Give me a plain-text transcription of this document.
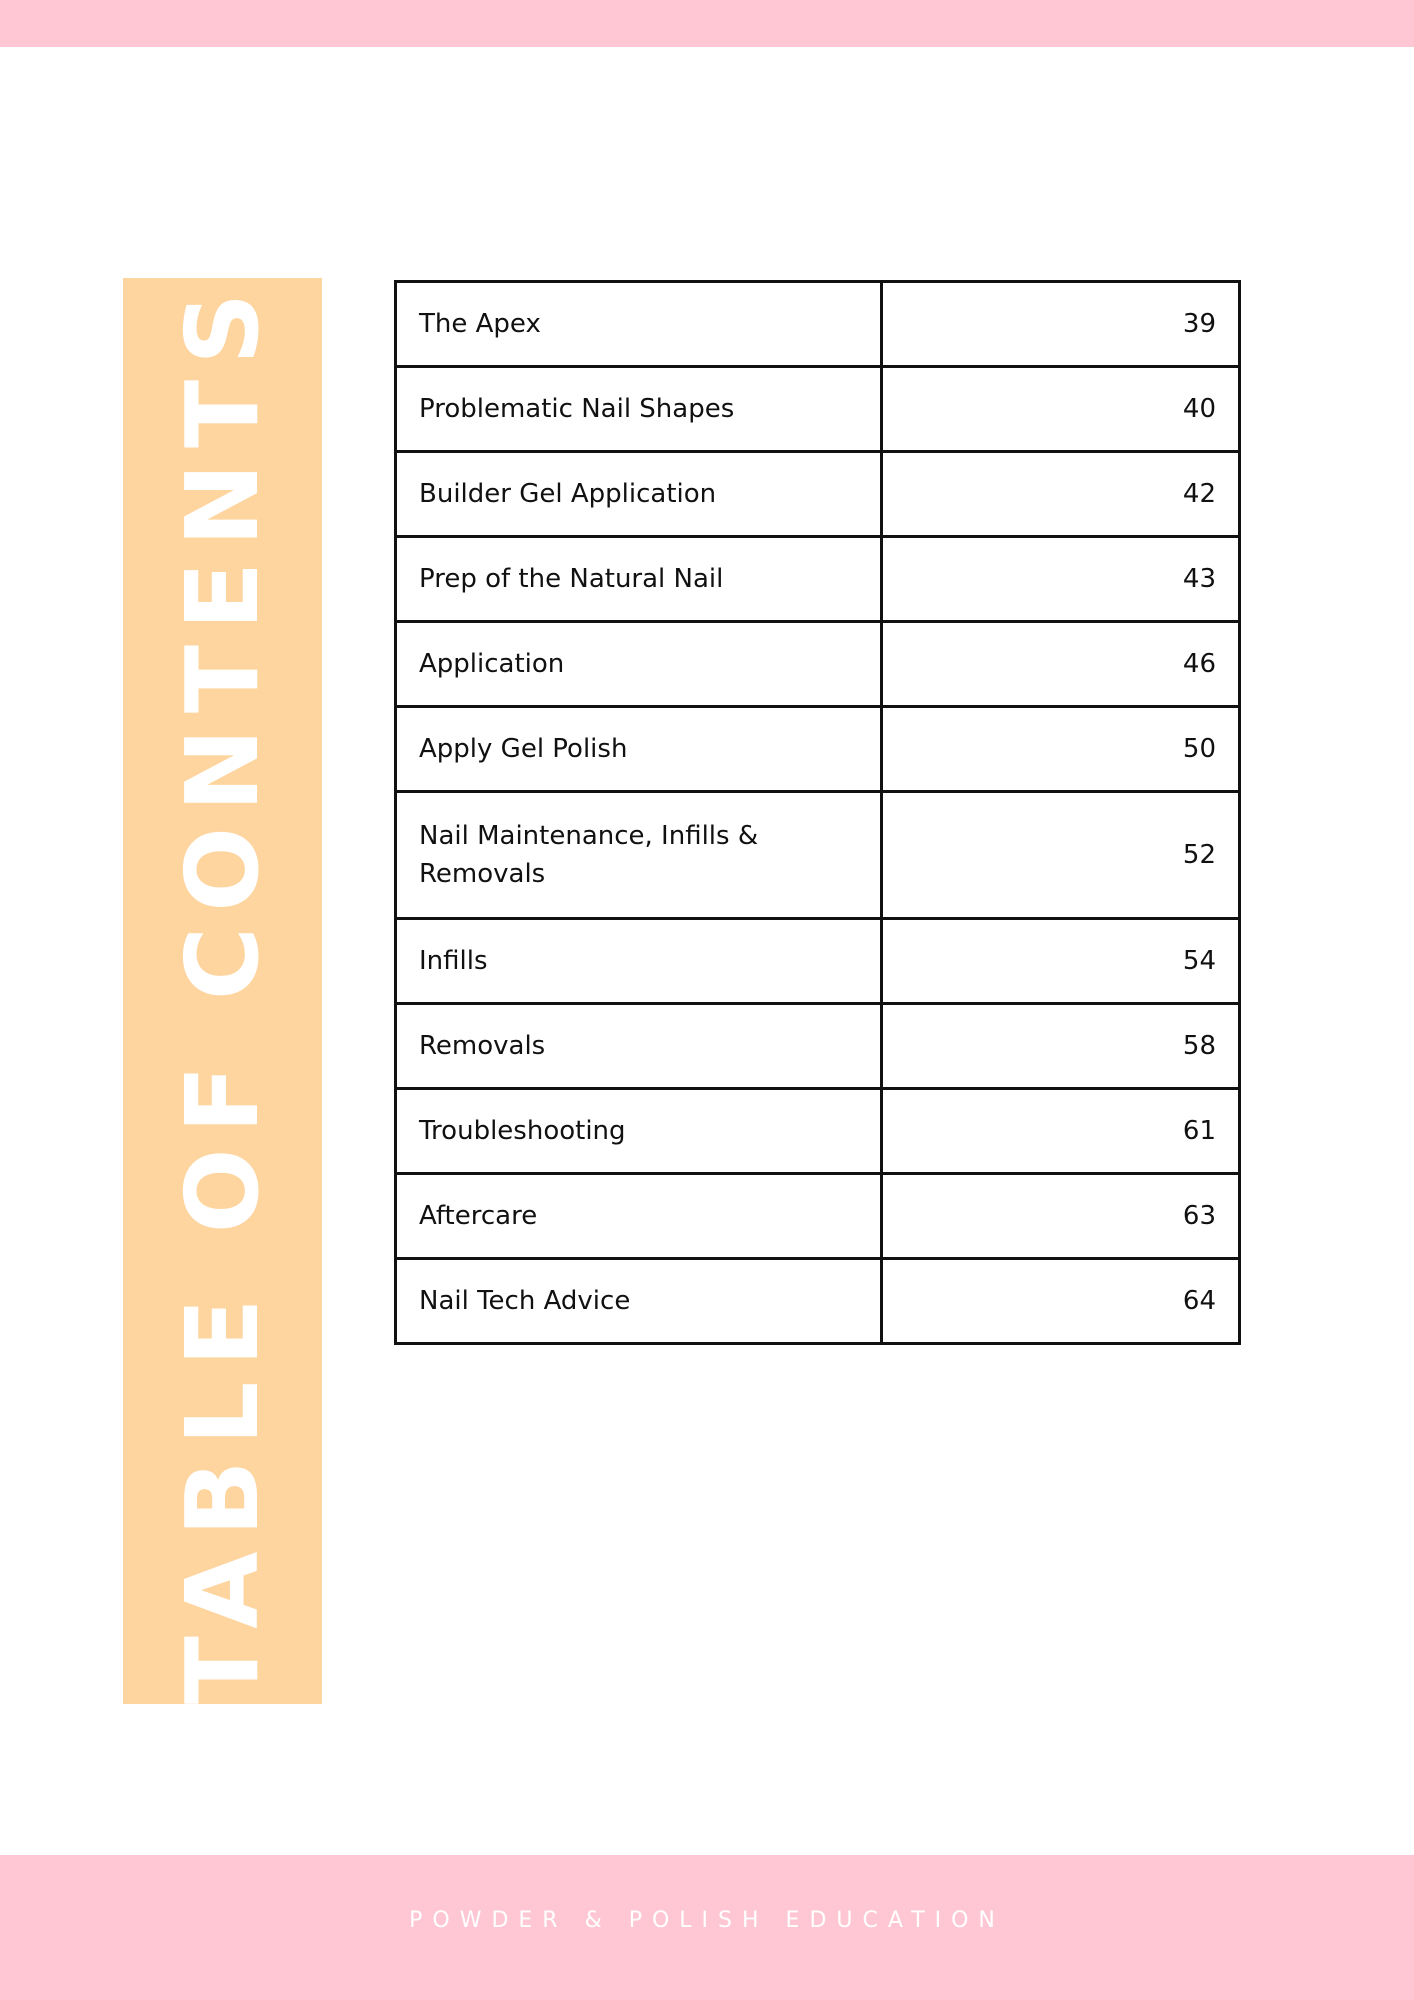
TABLE OF CONTENTS	The Apex	39
Problematic Nail Shapes	40
Builder Gel Application	42
Prep of the Natural Nail	43
Application	46
Apply Gel Polish	50
Nail Maintenance, Infills & Removals	52
Infills	54
Removals	58
Troubleshooting	61
Aftercare	63
Nail Tech Advice	64
POWDER & POLISH EDUCATION
